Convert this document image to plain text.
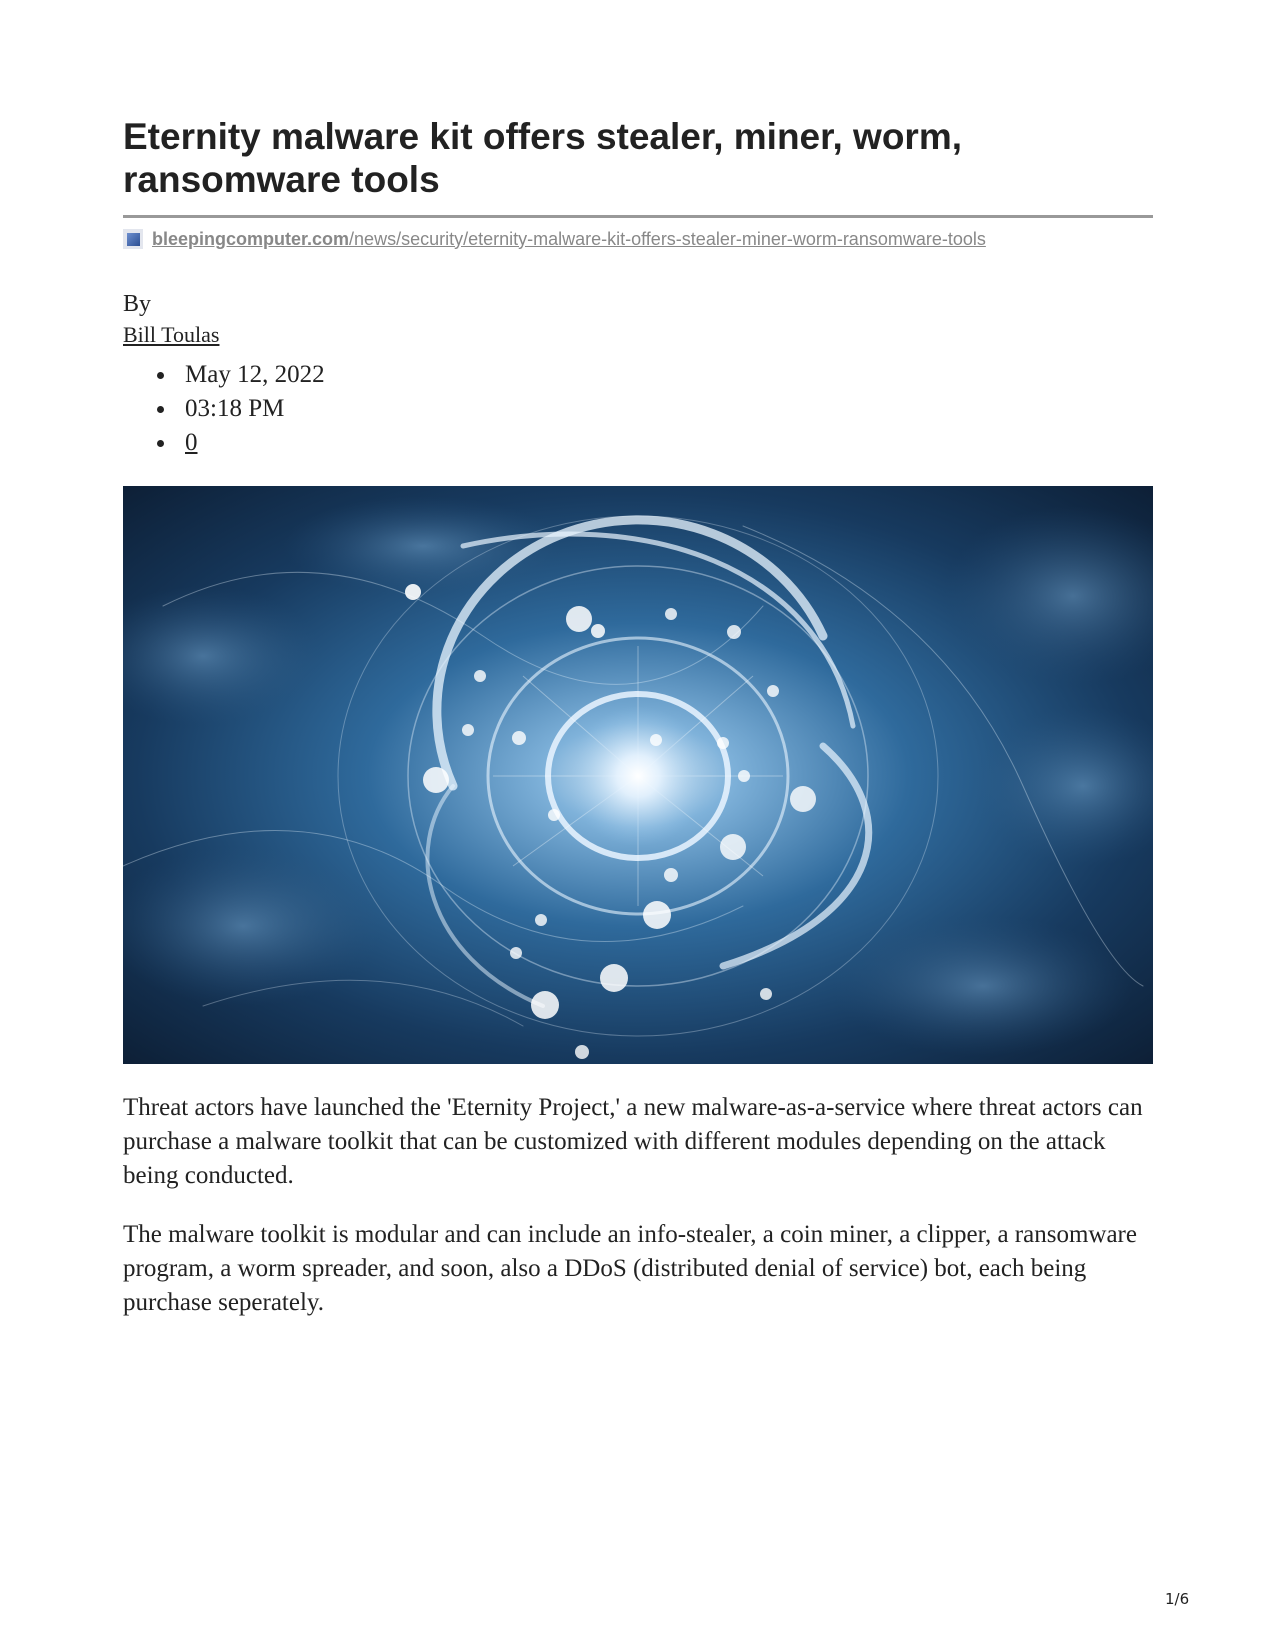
Eternity malware kit offers stealer, miner, worm, ransomware tools
bleepingcomputer.com /news/security/eternity-malware-kit-offers-stealer-miner-worm-ransomware-tools
By
Bill Toulas
May 12, 2022
03:18 PM
0

Threat actors have launched the 'Eternity Project,' a new malware-as-a-service where threat actors can purchase a malware toolkit that can be customized with different modules depending on the attack being conducted.

The malware toolkit is modular and can include an info-stealer, a coin miner, a clipper, a ransomware program, a worm spreader, and soon, also a DDoS (distributed denial of service) bot, each being purchase seperately.

1/6
